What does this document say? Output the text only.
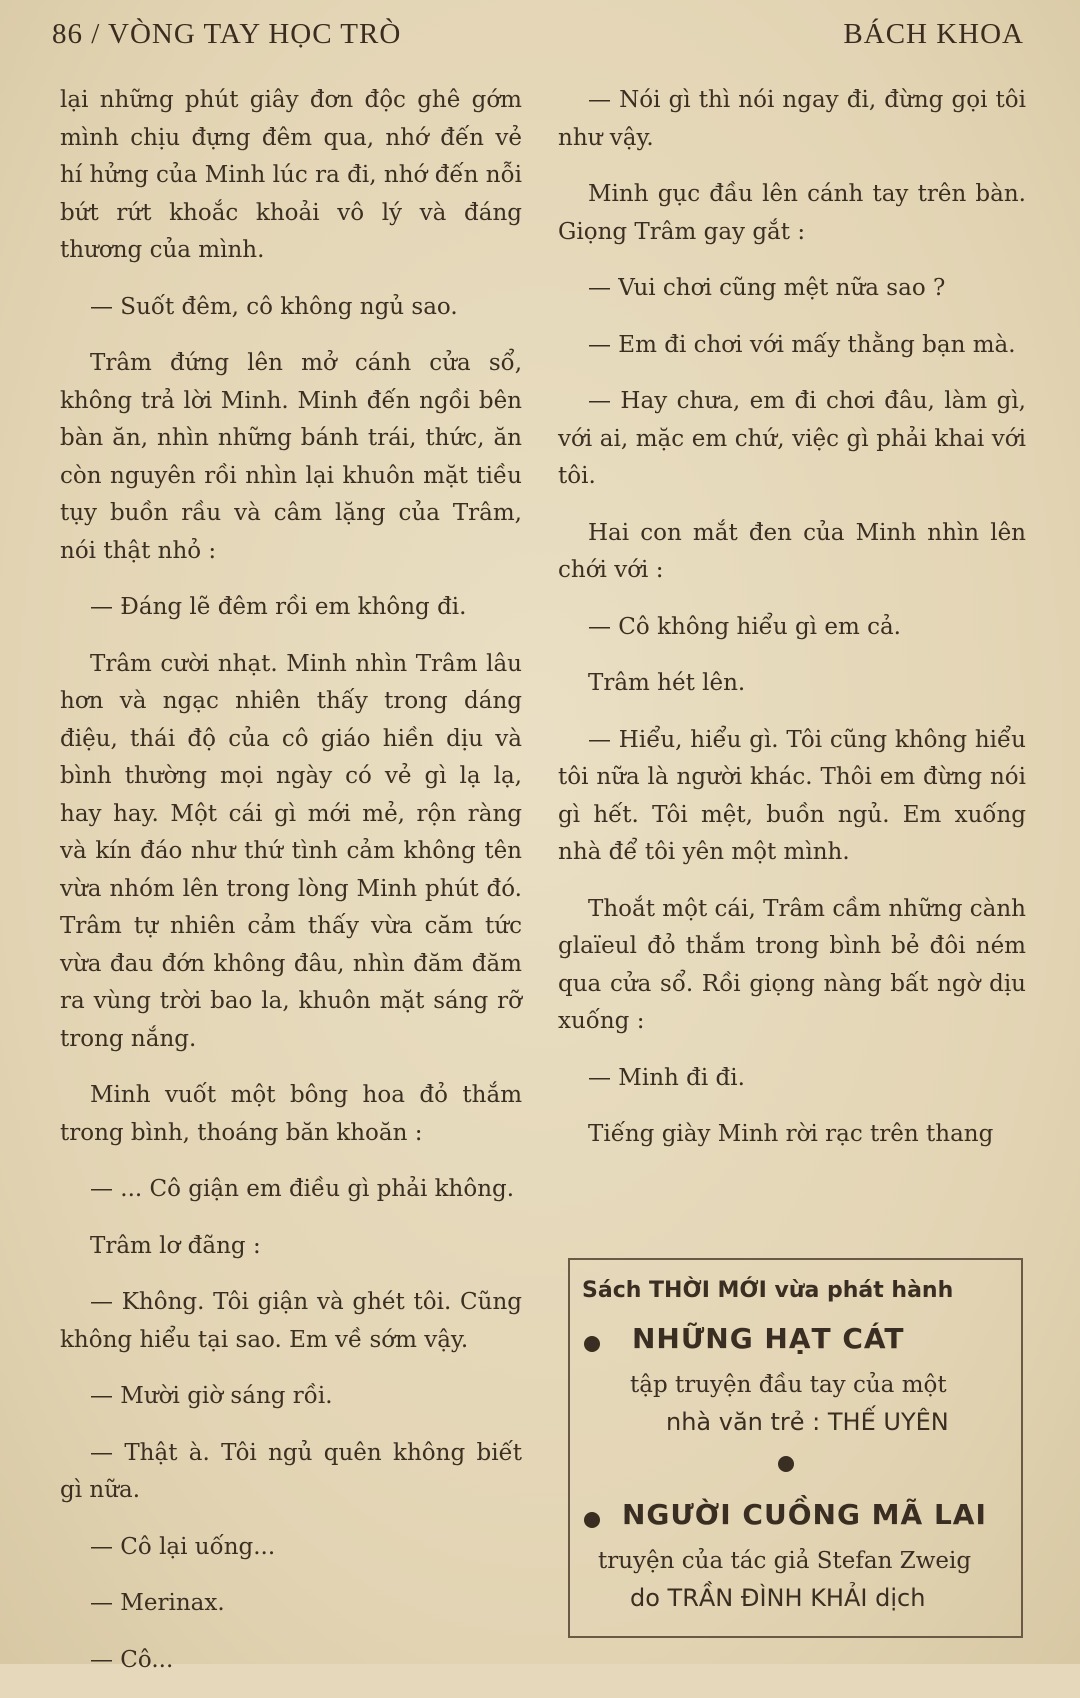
86 / VÒNG TAY HỌC TRÒ	BÁCH KHOA

lại những phút giây đơn độc ghê gớm mình chịu đựng đêm qua, nhớ đến vẻ hí hửng của Minh lúc ra đi, nhớ đến nỗi bứt rứt khoắc khoải vô lý và đáng thương của mình.

— Suốt đêm, cô không ngủ sao.

Trâm đứng lên mở cánh cửa sổ, không trả lời Minh. Minh đến ngồi bên bàn ăn, nhìn những bánh trái, thức, ăn còn nguyên rồi nhìn lại khuôn mặt tiều tụy buồn rầu và câm lặng của Trâm, nói thật nhỏ :

— Đáng lẽ đêm rồi em không đi.

Trâm cười nhạt. Minh nhìn Trâm lâu hơn và ngạc nhiên thấy trong dáng điệu, thái độ của cô giáo hiền dịu và bình thường mọi ngày có vẻ gì lạ lạ, hay hay. Một cái gì mới mẻ, rộn ràng và kín đáo như thứ tình cảm không tên vừa nhóm lên trong lòng Minh phút đó. Trâm tự nhiên cảm thấy vừa căm tức vừa đau đớn không đâu, nhìn đăm đăm ra vùng trời bao la, khuôn mặt sáng rỡ trong nắng.

Minh vuốt một bông hoa đỏ thắm trong bình, thoáng băn khoăn :

— ... Cô giận em điều gì phải không.

Trâm lơ đãng :

— Không. Tôi giận và ghét tôi. Cũng không hiểu tại sao. Em về sớm vậy.

— Mười giờ sáng rồi.

— Thật à. Tôi ngủ quên không biết gì nữa.

— Cô lại uống...

— Merinax.

— Cô...

— Nói gì thì nói ngay đi, đừng gọi tôi như vậy.

Minh gục đầu lên cánh tay trên bàn. Giọng Trâm gay gắt :

— Vui chơi cũng mệt nữa sao ?

— Em đi chơi với mấy thằng bạn mà.

— Hay chưa, em đi chơi đâu, làm gì, với ai, mặc em chứ, việc gì phải khai với tôi.

Hai con mắt đen của Minh nhìn lên chới với :

— Cô không hiểu gì em cả.

Trâm hét lên.

— Hiểu, hiểu gì. Tôi cũng không hiểu tôi nữa là người khác. Thôi em đừng nói gì hết. Tôi mệt, buồn ngủ. Em xuống nhà để tôi yên một mình.

Thoắt một cái, Trâm cầm những cành glaïeul đỏ thắm trong bình bẻ đôi ném qua cửa sổ. Rồi giọng nàng bất ngờ dịu xuống :

— Minh đi đi.

Tiếng giày Minh rời rạc trên thang

Sách THỜI MỚI vừa phát hành
NHỮNG HẠT CÁT
tập truyện đầu tay của một
nhà văn trẻ : THẾ UYÊN
NGƯỜI CUỒNG MÃ LAI
truyện của tác giả Stefan Zweig
do TRẦN ĐÌNH KHẢI dịch
